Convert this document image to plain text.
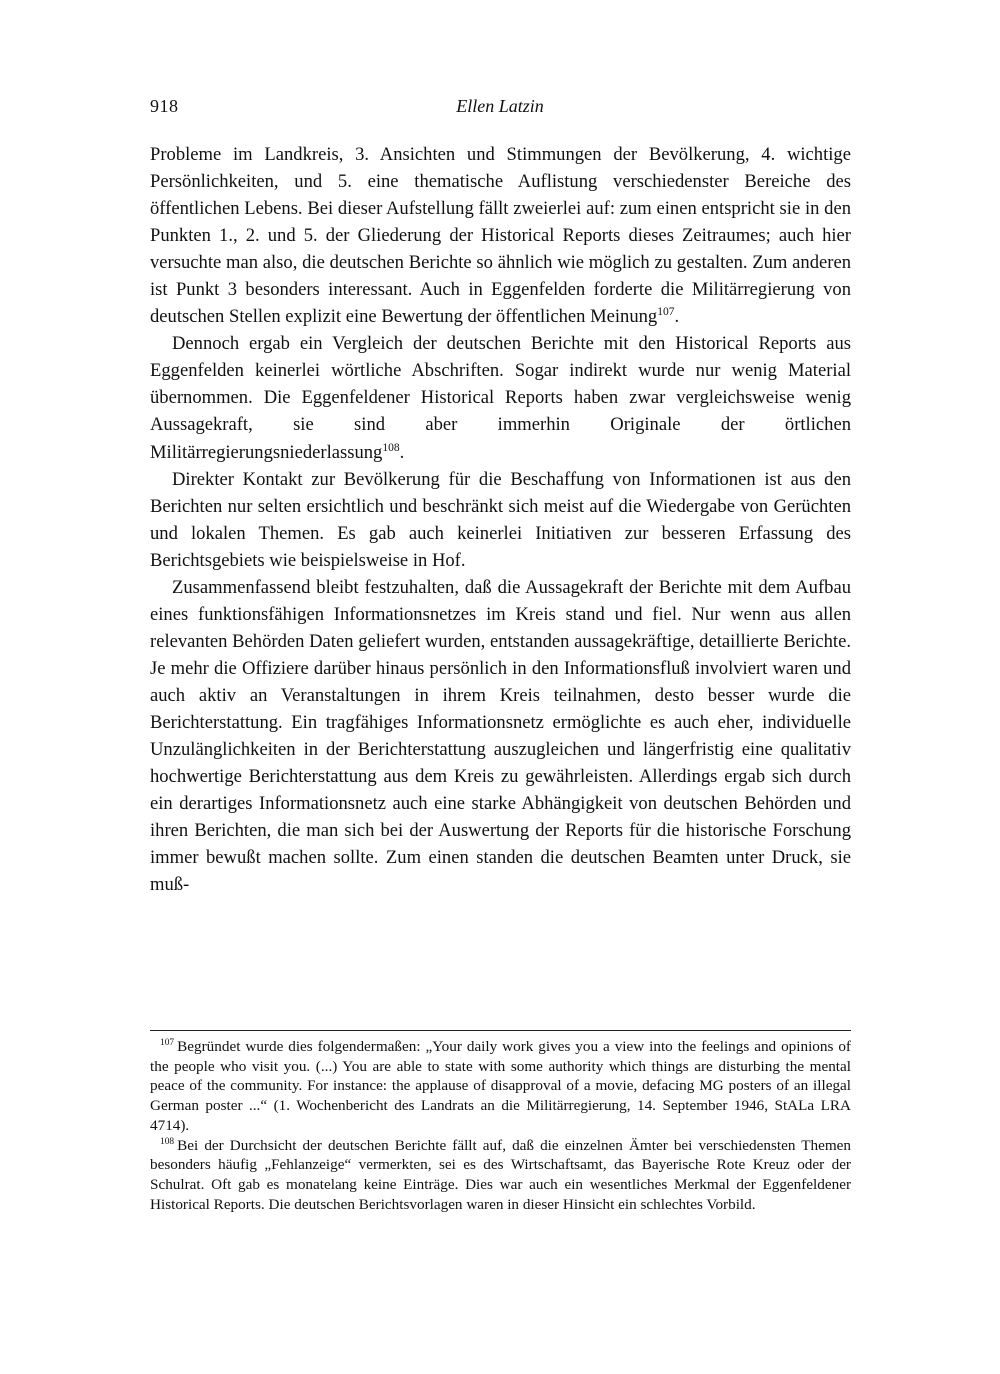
918	Ellen Latzin

Probleme im Landkreis, 3. Ansichten und Stimmungen der Bevölkerung, 4. wichtige Persönlichkeiten, und 5. eine thematische Auflistung verschiedenster Bereiche des öffentlichen Lebens. Bei dieser Aufstellung fällt zweierlei auf: zum einen entspricht sie in den Punkten 1., 2. und 5. der Gliederung der Historical Reports dieses Zeitraumes; auch hier versuchte man also, die deutschen Berichte so ähnlich wie möglich zu gestalten. Zum anderen ist Punkt 3 besonders interessant. Auch in Eggenfelden forderte die Militärregierung von deutschen Stellen explizit eine Bewertung der öffentlichen Meinung$^{107}$.

Dennoch ergab ein Vergleich der deutschen Berichte mit den Historical Reports aus Eggenfelden keinerlei wörtliche Abschriften. Sogar indirekt wurde nur wenig Material übernommen. Die Eggenfeldener Historical Reports haben zwar vergleichsweise wenig Aussagekraft, sie sind aber immerhin Originale der örtlichen Militärregierungsniederlassung$^{108}$.

Direkter Kontakt zur Bevölkerung für die Beschaffung von Informationen ist aus den Berichten nur selten ersichtlich und beschränkt sich meist auf die Wiedergabe von Gerüchten und lokalen Themen. Es gab auch keinerlei Initiativen zur besseren Erfassung des Berichtsgebiets wie beispielsweise in Hof.

Zusammenfassend bleibt festzuhalten, daß die Aussagekraft der Berichte mit dem Aufbau eines funktionsfähigen Informationsnetzes im Kreis stand und fiel. Nur wenn aus allen relevanten Behörden Daten geliefert wurden, entstanden aussagekräftige, detaillierte Berichte. Je mehr die Offiziere darüber hinaus persönlich in den Informationsfluß involviert waren und auch aktiv an Veranstaltungen in ihrem Kreis teilnahmen, desto besser wurde die Berichterstattung. Ein tragfähiges Informationsnetz ermöglichte es auch eher, individuelle Unzulänglichkeiten in der Berichterstattung auszugleichen und längerfristig eine qualitativ hochwertige Berichterstattung aus dem Kreis zu gewährleisten. Allerdings ergab sich durch ein derartiges Informationsnetz auch eine starke Abhängigkeit von deutschen Behörden und ihren Berichten, die man sich bei der Auswertung der Reports für die historische Forschung immer bewußt machen sollte. Zum einen standen die deutschen Beamten unter Druck, sie muß-

$^{107}$  Begründet wurde dies folgendermaßen: „Your daily work gives you a view into the feelings and opinions of the people who visit you. (...) You are able to state with some authority which things are disturbing the mental peace of the community. For instance: the applause of disapproval of a movie, defacing MG posters of an illegal German poster ...“ (1. Wochenbericht des Landrats an die Militärregierung, 14. September 1946, StALa LRA 4714).

$^{108}$  Bei der Durchsicht der deutschen Berichte fällt auf, daß die einzelnen Ämter bei verschiedensten Themen besonders häufig „Fehlanzeige“ vermerkten, sei es des Wirtschaftsamt, das Bayerische Rote Kreuz oder der Schulrat. Oft gab es monatelang keine Einträge. Dies war auch ein wesentliches Merkmal der Eggenfeldener Historical Reports. Die deutschen Berichtsvorlagen waren in dieser Hinsicht ein schlechtes Vorbild.
